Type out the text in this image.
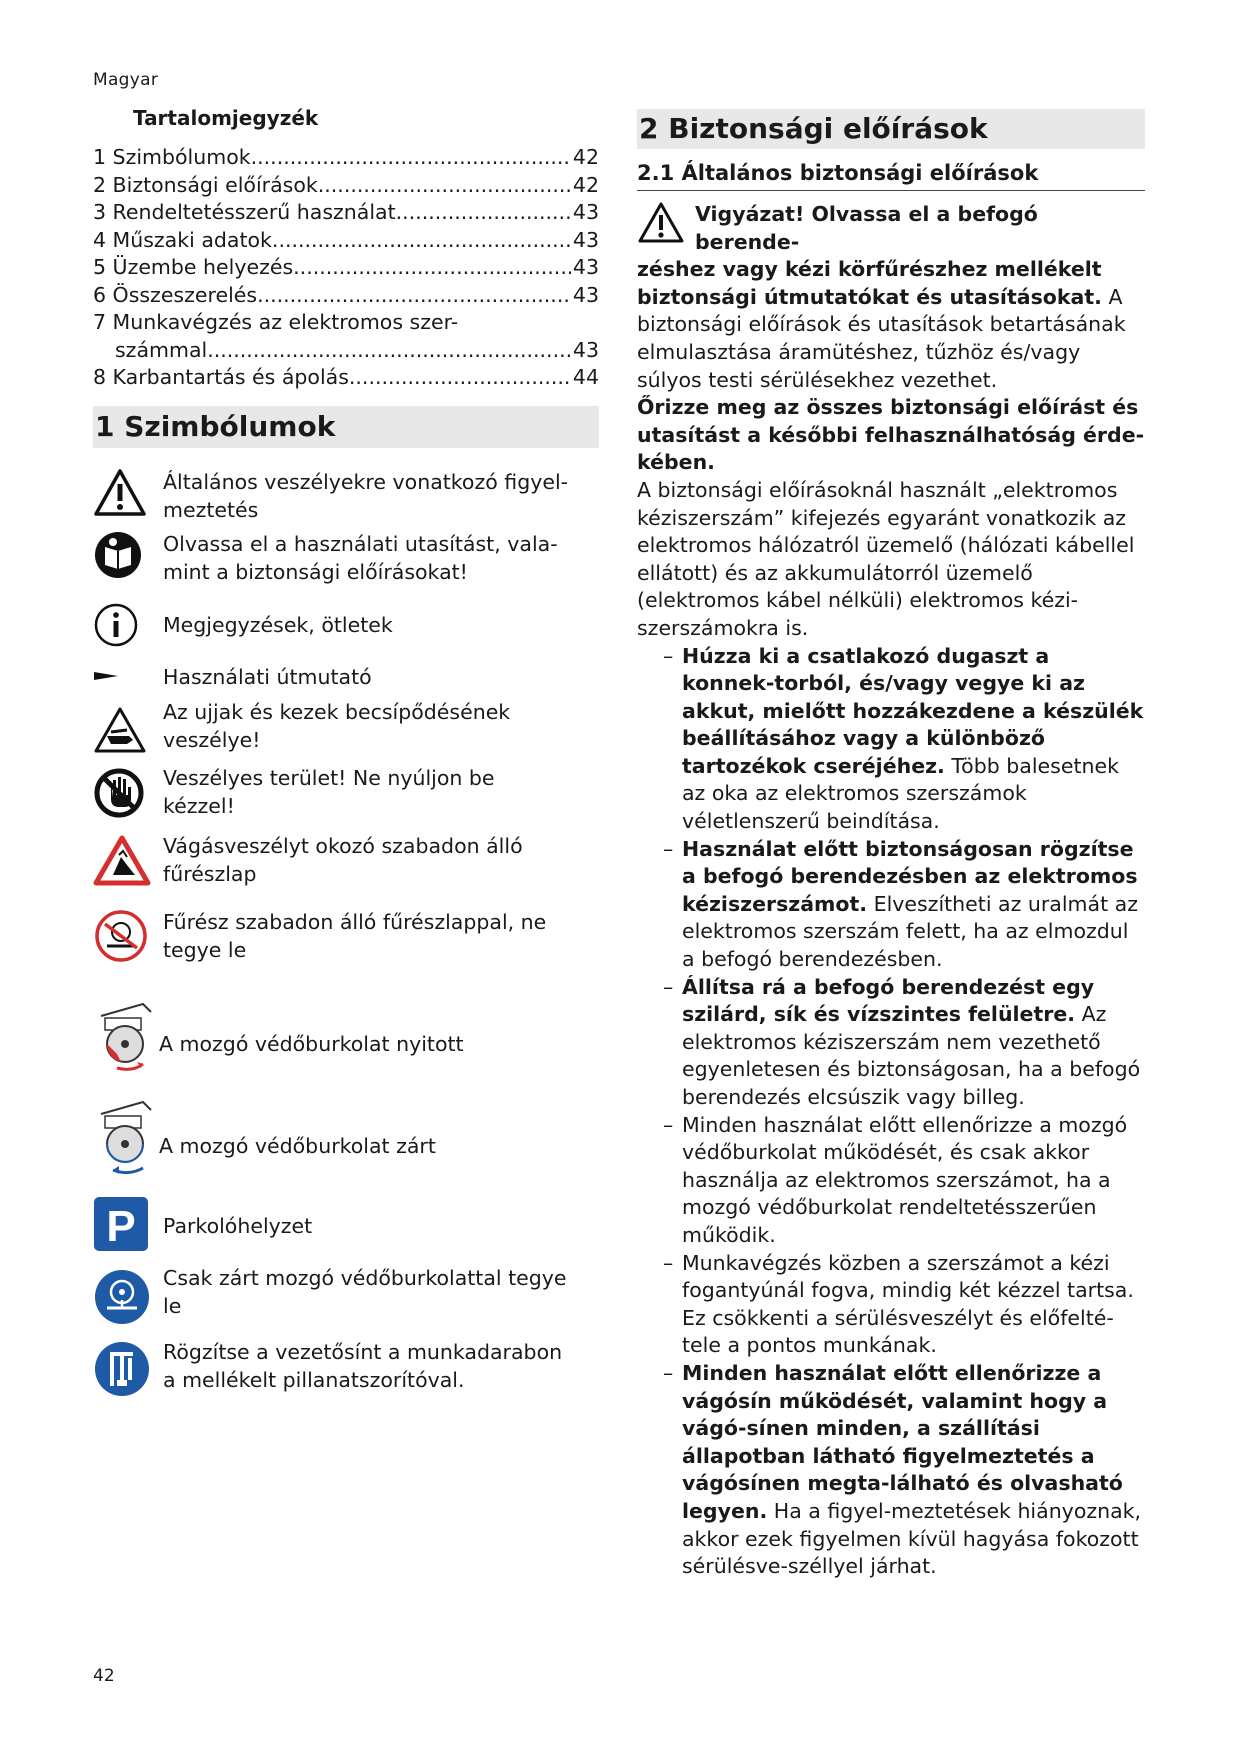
Magyar
Tartalomjegyzék
1 Szimbólumok .....	42
2 Biztonsági előírások .....	42
3 Rendeltetésszerű használat .....	43
4 Műszaki adatok .....	43
5 Üzembe helyezés .....	43
6 Összeszerelés .....	43
7 Munkavégzés az elektromos szer-
számmal .....	43
8 Karbantartás és ápolás .....	44
1 Szimbólumok
Általános veszélyekre vonatkozó figyel-
meztetés
Olvassa el a használati utasítást, vala-
mint a biztonsági előírásokat!
Megjegyzések, ötletek
Használati útmutató
Az ujjak és kezek becsípődésének
veszélye!
Veszélyes terület! Ne nyúljon be
kézzel!
Vágásveszélyt okozó szabadon álló
fűrészlap
Fűrész szabadon álló fűrészlappal, ne
tegye le
A mozgó védőburkolat nyitott
A mozgó védőburkolat zárt
P Parkolóhelyzet
Csak zárt mozgó védőburkolattal tegye
le
Rögzítse a vezetősínt a munkadarabon
a mellékelt pillanatszorítóval.
2 Biztonsági előírások
2.1 Általános biztonsági előírások

Vigyázat! Olvassa el a befogó berende-
zéshez vagy kézi körfűrészhez mellékelt
biztonsági útmutatókat és utasításokat. A biztonsági előírások és utasítások betartásának elmulasztása áramütéshez, tűzhöz és/vagy súlyos testi sérülésekhez vezethet.

Őrizze meg az összes biztonsági előírást és utasítást a későbbi felhasználhatóság érde-kében.

A biztonsági előírásoknál használt „elektromos kéziszerszám” kifejezés egyaránt vonatkozik az elektromos hálózatról üzemelő (hálózati kábellel ellátott) és az akkumulátorról üzemelő (elektromos kábel nélküli) elektromos kézi-szerszámokra is.

– Húzza ki a csatlakozó dugaszt a konnek-torból, és/vagy vegye ki az akkut, mielőtt hozzákezdene a készülék beállításához vagy a különböző tartozékok cseréjéhez. Több balesetnek az oka az elektromos szerszámok véletlenszerű beindítása.

– Használat előtt biztonságosan rögzítse a befogó berendezésben az elektromos kéziszerszámot. Elveszítheti az uralmát az elektromos szerszám felett, ha az elmozdul a befogó berendezésben.

– Állítsa rá a befogó berendezést egy szilárd, sík és vízszintes felületre. Az elektromos kéziszerszám nem vezethető egyenletesen és biztonságosan, ha a befogó berendezés elcsúszik vagy billeg.

– Minden használat előtt ellenőrizze a mozgó védőburkolat működését, és csak akkor használja az elektromos szerszámot, ha a mozgó védőburkolat rendeltetésszerűen működik.

– Munkavégzés közben a szerszámot a kézi fogantyúnál fogva, mindig két kézzel tartsa. Ez csökkenti a sérülésveszélyt és előfelté-tele a pontos munkának.

– Minden használat előtt ellenőrizze a vágósín működését, valamint hogy a vágó-sínen minden, a szállítási állapotban látható figyelmeztetés a vágósínen megta-lálható és olvasható legyen. Ha a figyel-meztetések hiányoznak, akkor ezek figyelmen kívül hagyása fokozott sérülésve-széllyel járhat.

42
